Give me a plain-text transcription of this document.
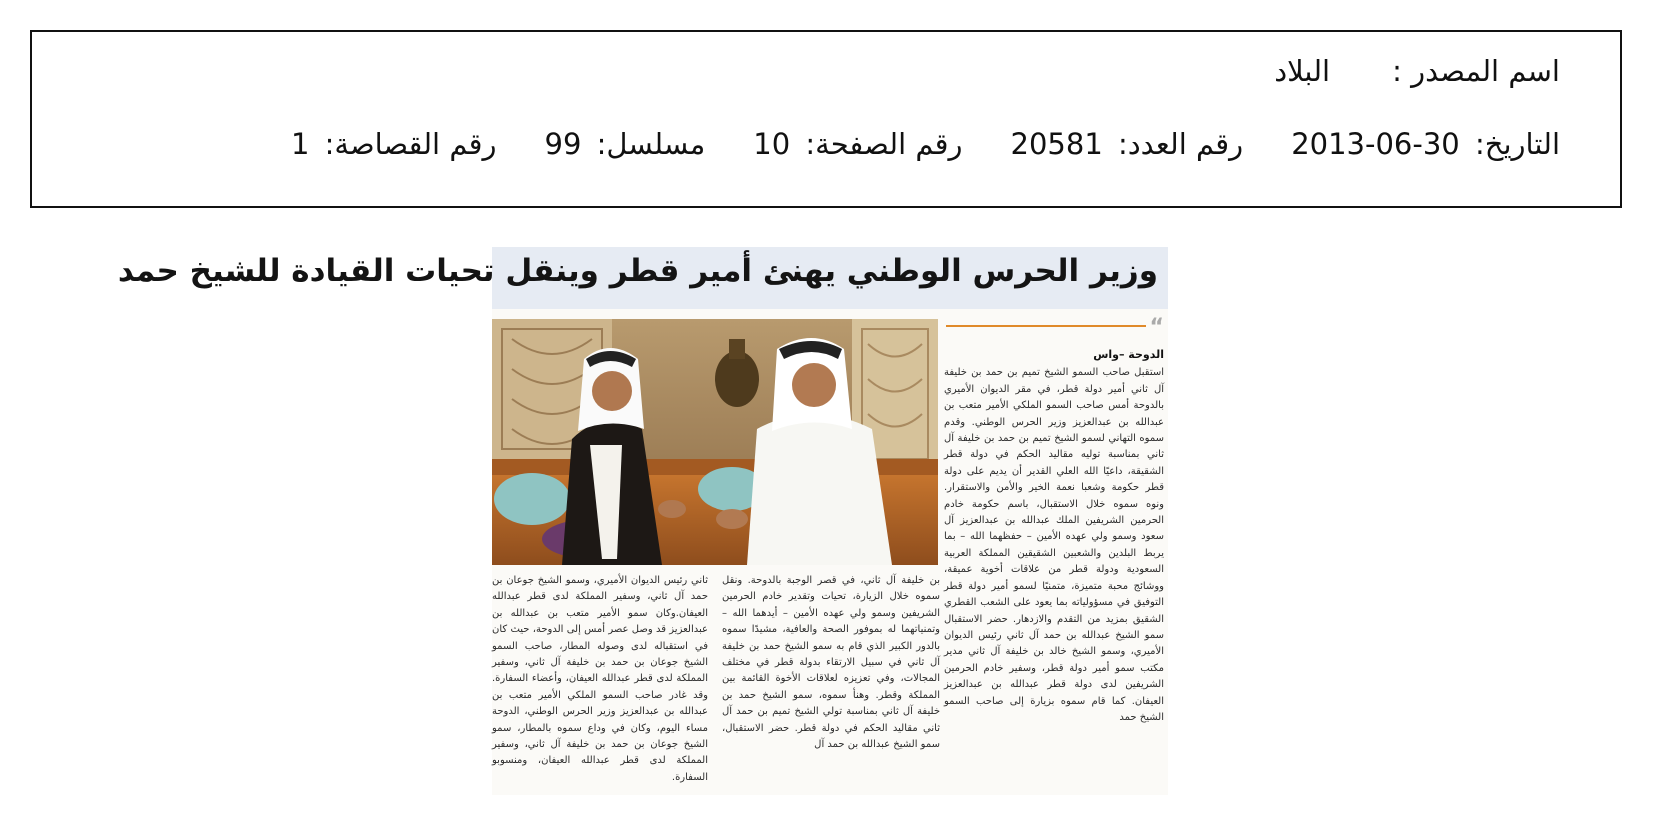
اسم المصدر :
البلاد
التاريخ: 2013-06-30
رقم العدد: 20581
رقم الصفحة: 10
مسلسل: 99
رقم القصاصة: 1
وزير الحرس الوطني يهنئ أمير قطر وينقل تحيات القيادة للشيخ حمد
“
الدوحة –واس

استقبل صاحب السمو الشيخ تميم بن حمد بن خليفة آل ثاني أمير دولة قطر، في مقر الديوان الأميري بالدوحة أمس صاحب السمو الملكي الأمير متعب بن عبدالله بن عبدالعزيز وزير الحرس الوطني. وقدم سموه التهاني لسمو الشيخ تميم بن حمد بن خليفة آل ثاني بمناسبة توليه مقاليد الحكم في دولة قطر الشقيقة، داعيًا الله العلي القدير أن يديم على دولة قطر حكومة وشعبا نعمة الخير والأمن والاستقرار. ونوه سموه خلال الاستقبال، باسم حكومة خادم الحرمين الشريفين الملك عبدالله بن عبدالعزيز آل سعود وسمو ولي عهده الأمين – حفظهما الله – بما يربط البلدين والشعبين الشقيقين المملكة العربية السعودية ودولة قطر من علاقات أخوية عميقة، ووشائج محبة متميزة، متمنيًا لسمو أمير دولة قطر التوفيق في مسؤولياته بما يعود على الشعب القطري الشقيق بمزيد من التقدم والازدهار. حضر الاستقبال سمو الشيخ عبدالله بن حمد آل ثاني رئيس الديوان الأميري، وسمو الشيخ خالد بن خليفة آل ثاني مدير مكتب سمو أمير دولة قطر، وسفير خادم الحرمين الشريفين لدى دولة قطر عبدالله بن عبدالعزيز العيفان. كما قام سموه بزيارة إلى صاحب السمو الشيخ حمد

بن خليفة آل ثاني، في قصر الوجبة بالدوحة. ونقل سموه خلال الزيارة، تحيات وتقدير خادم الحرمين الشريفين وسمو ولي عهده الأمين – أيدهما الله – وتمنياتهما له بموفور الصحة والعافية، مشيدًا سموه بالدور الكبير الذي قام به سمو الشيخ حمد بن خليفة آل ثاني في سبيل الارتقاء بدولة قطر في مختلف المجالات، وفي تعزيزه لعلاقات الأخوة القائمة بين المملكة وقطر. وهنأ سموه، سمو الشيخ حمد بن خليفة آل ثاني بمناسبة تولي الشيخ تميم بن حمد آل ثاني مقاليد الحكم في دولة قطر. حضر الاستقبال، سمو الشيخ عبدالله بن حمد آل

ثاني رئيس الديوان الأميري، وسمو الشيخ جوعان بن حمد آل ثاني، وسفير المملكة لدى قطر عبدالله العيفان.وكان سمو الأمير متعب بن عبدالله بن عبدالعزيز قد وصل عصر أمس إلى الدوحة، حيث كان في استقباله لدى وصوله المطار، صاحب السمو الشيخ جوعان بن حمد بن خليفة آل ثاني، وسفير المملكة لدى قطر عبدالله العيفان، وأعضاء السفارة. وقد غادر صاحب السمو الملكي الأمير متعب بن عبدالله بن عبدالعزيز وزير الحرس الوطني، الدوحة مساء اليوم، وكان في وداع سموه بالمطار، سمو الشيخ جوعان بن حمد بن خليفة آل ثاني، وسفير المملكة لدى قطر عبدالله العيفان، ومنسوبو السفارة.
